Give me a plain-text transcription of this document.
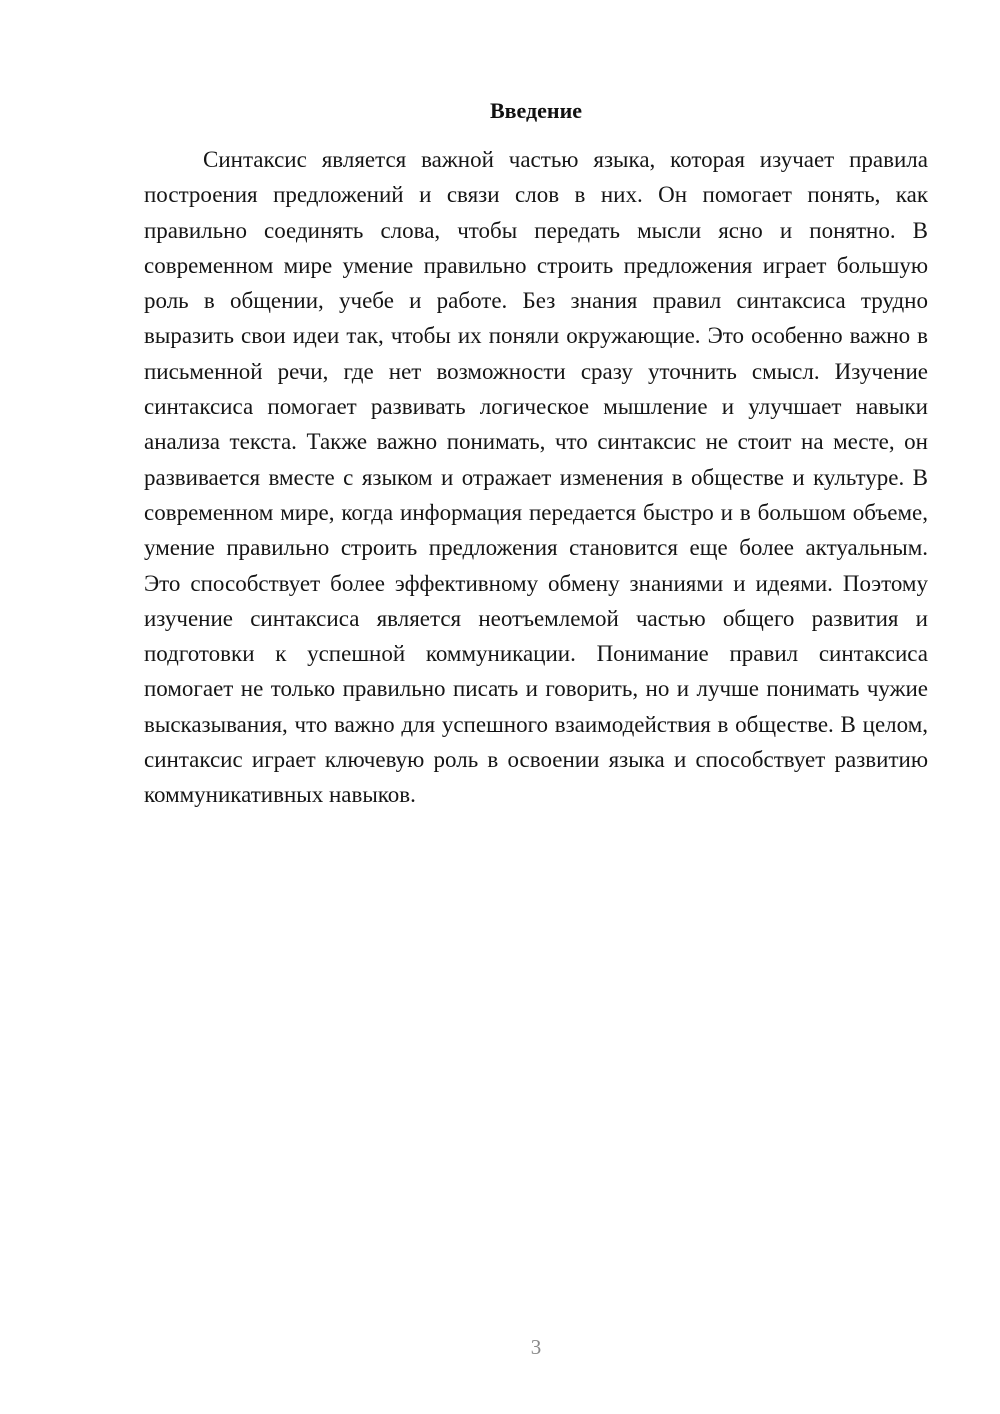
Введение

Синтаксис является важной частью языка, которая изучает правила построения предложений и связи слов в них. Он помогает понять, как правильно соединять слова, чтобы передать мысли ясно и понятно. В современном мире умение правильно строить предложения играет большую роль в общении, учебе и работе. Без знания правил синтаксиса трудно выразить свои идеи так, чтобы их поняли окружающие. Это особенно важно в письменной речи, где нет возможности сразу уточнить смысл. Изучение синтаксиса помогает развивать логическое мышление и улучшает навыки анализа текста. Также важно понимать, что синтаксис не стоит на месте, он развивается вместе с языком и отражает изменения в обществе и культуре. В современном мире, когда информация передается быстро и в большом объеме, умение правильно строить предложения становится еще более актуальным. Это способствует более эффективному обмену знаниями и идеями. Поэтому изучение синтаксиса является неотъемлемой частью общего развития и подготовки к успешной коммуникации. Понимание правил синтаксиса помогает не только правильно писать и говорить, но и лучше понимать чужие высказывания, что важно для успешного взаимодействия в обществе. В целом, синтаксис играет ключевую роль в освоении языка и способствует развитию коммуникативных навыков.

3
